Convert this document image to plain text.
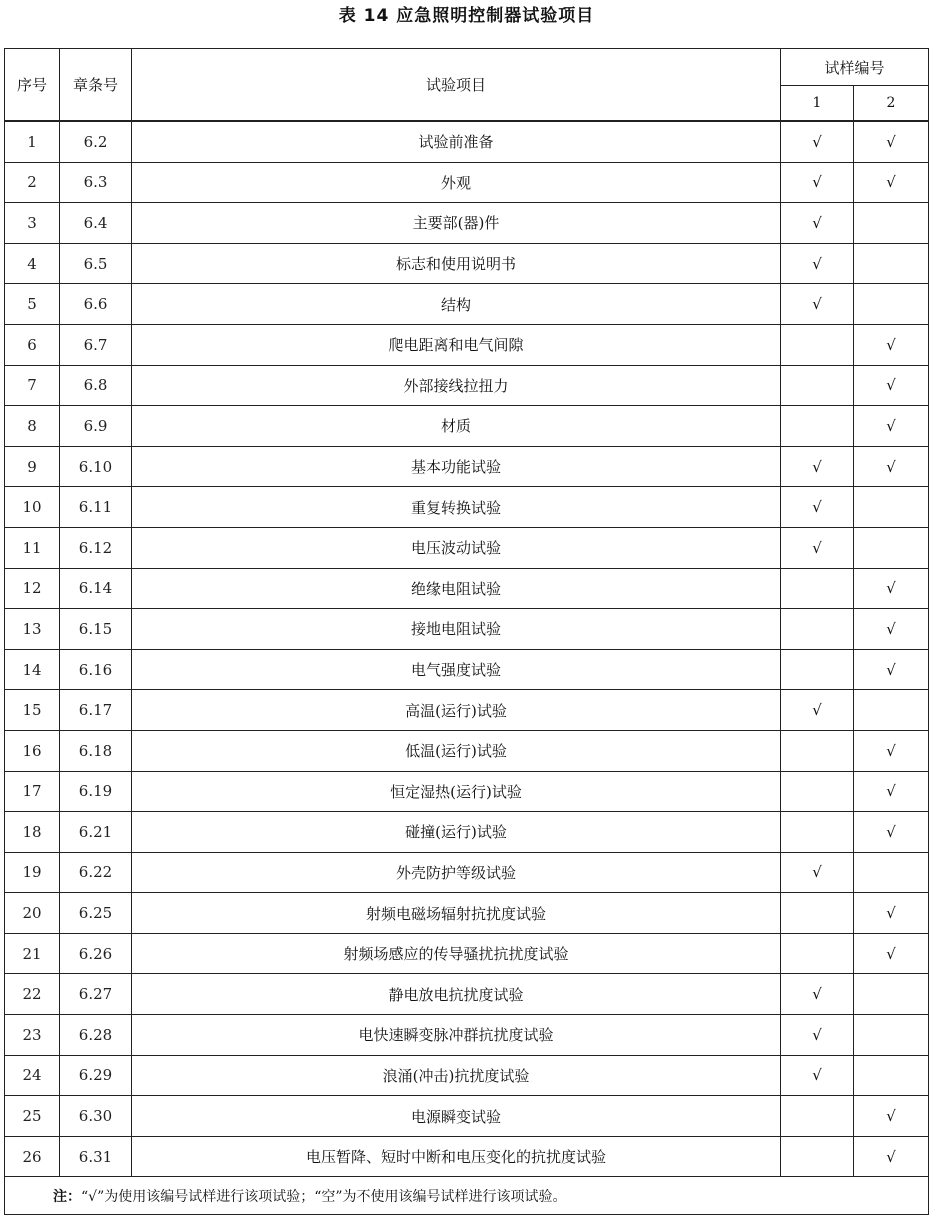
表 14 应急照明控制器试验项目
序号	章条号	试验项目	试样编号	
			1	2
1	6.2	试验前准备	√	√
2	6.3	外观	√	√
3	6.4	主要部(器)件	√	
4	6.5	标志和使用说明书	√	
5	6.6	结构	√	
6	6.7	爬电距离和电气间隙		√
7	6.8	外部接线拉扭力		√
8	6.9	材质		√
9	6.10	基本功能试验	√	√
10	6.11	重复转换试验	√	
11	6.12	电压波动试验	√	
12	6.14	绝缘电阻试验		√
13	6.15	接地电阻试验		√
14	6.16	电气强度试验		√
15	6.17	高温(运行)试验	√	
16	6.18	低温(运行)试验		√
17	6.19	恒定湿热(运行)试验		√
18	6.21	碰撞(运行)试验		√
19	6.22	外壳防护等级试验	√	
20	6.25	射频电磁场辐射抗扰度试验		√
21	6.26	射频场感应的传导骚扰抗扰度试验		√
22	6.27	静电放电抗扰度试验	√	
23	6.28	电快速瞬变脉冲群抗扰度试验	√	
24	6.29	浪涌(冲击)抗扰度试验	√	
25	6.30	电源瞬变试验		√
26	6.31	电压暂降、短时中断和电压变化的抗扰度试验		√
注：“√”为使用该编号试样进行该项试验；“空”为不使用该编号试样进行该项试验。				
